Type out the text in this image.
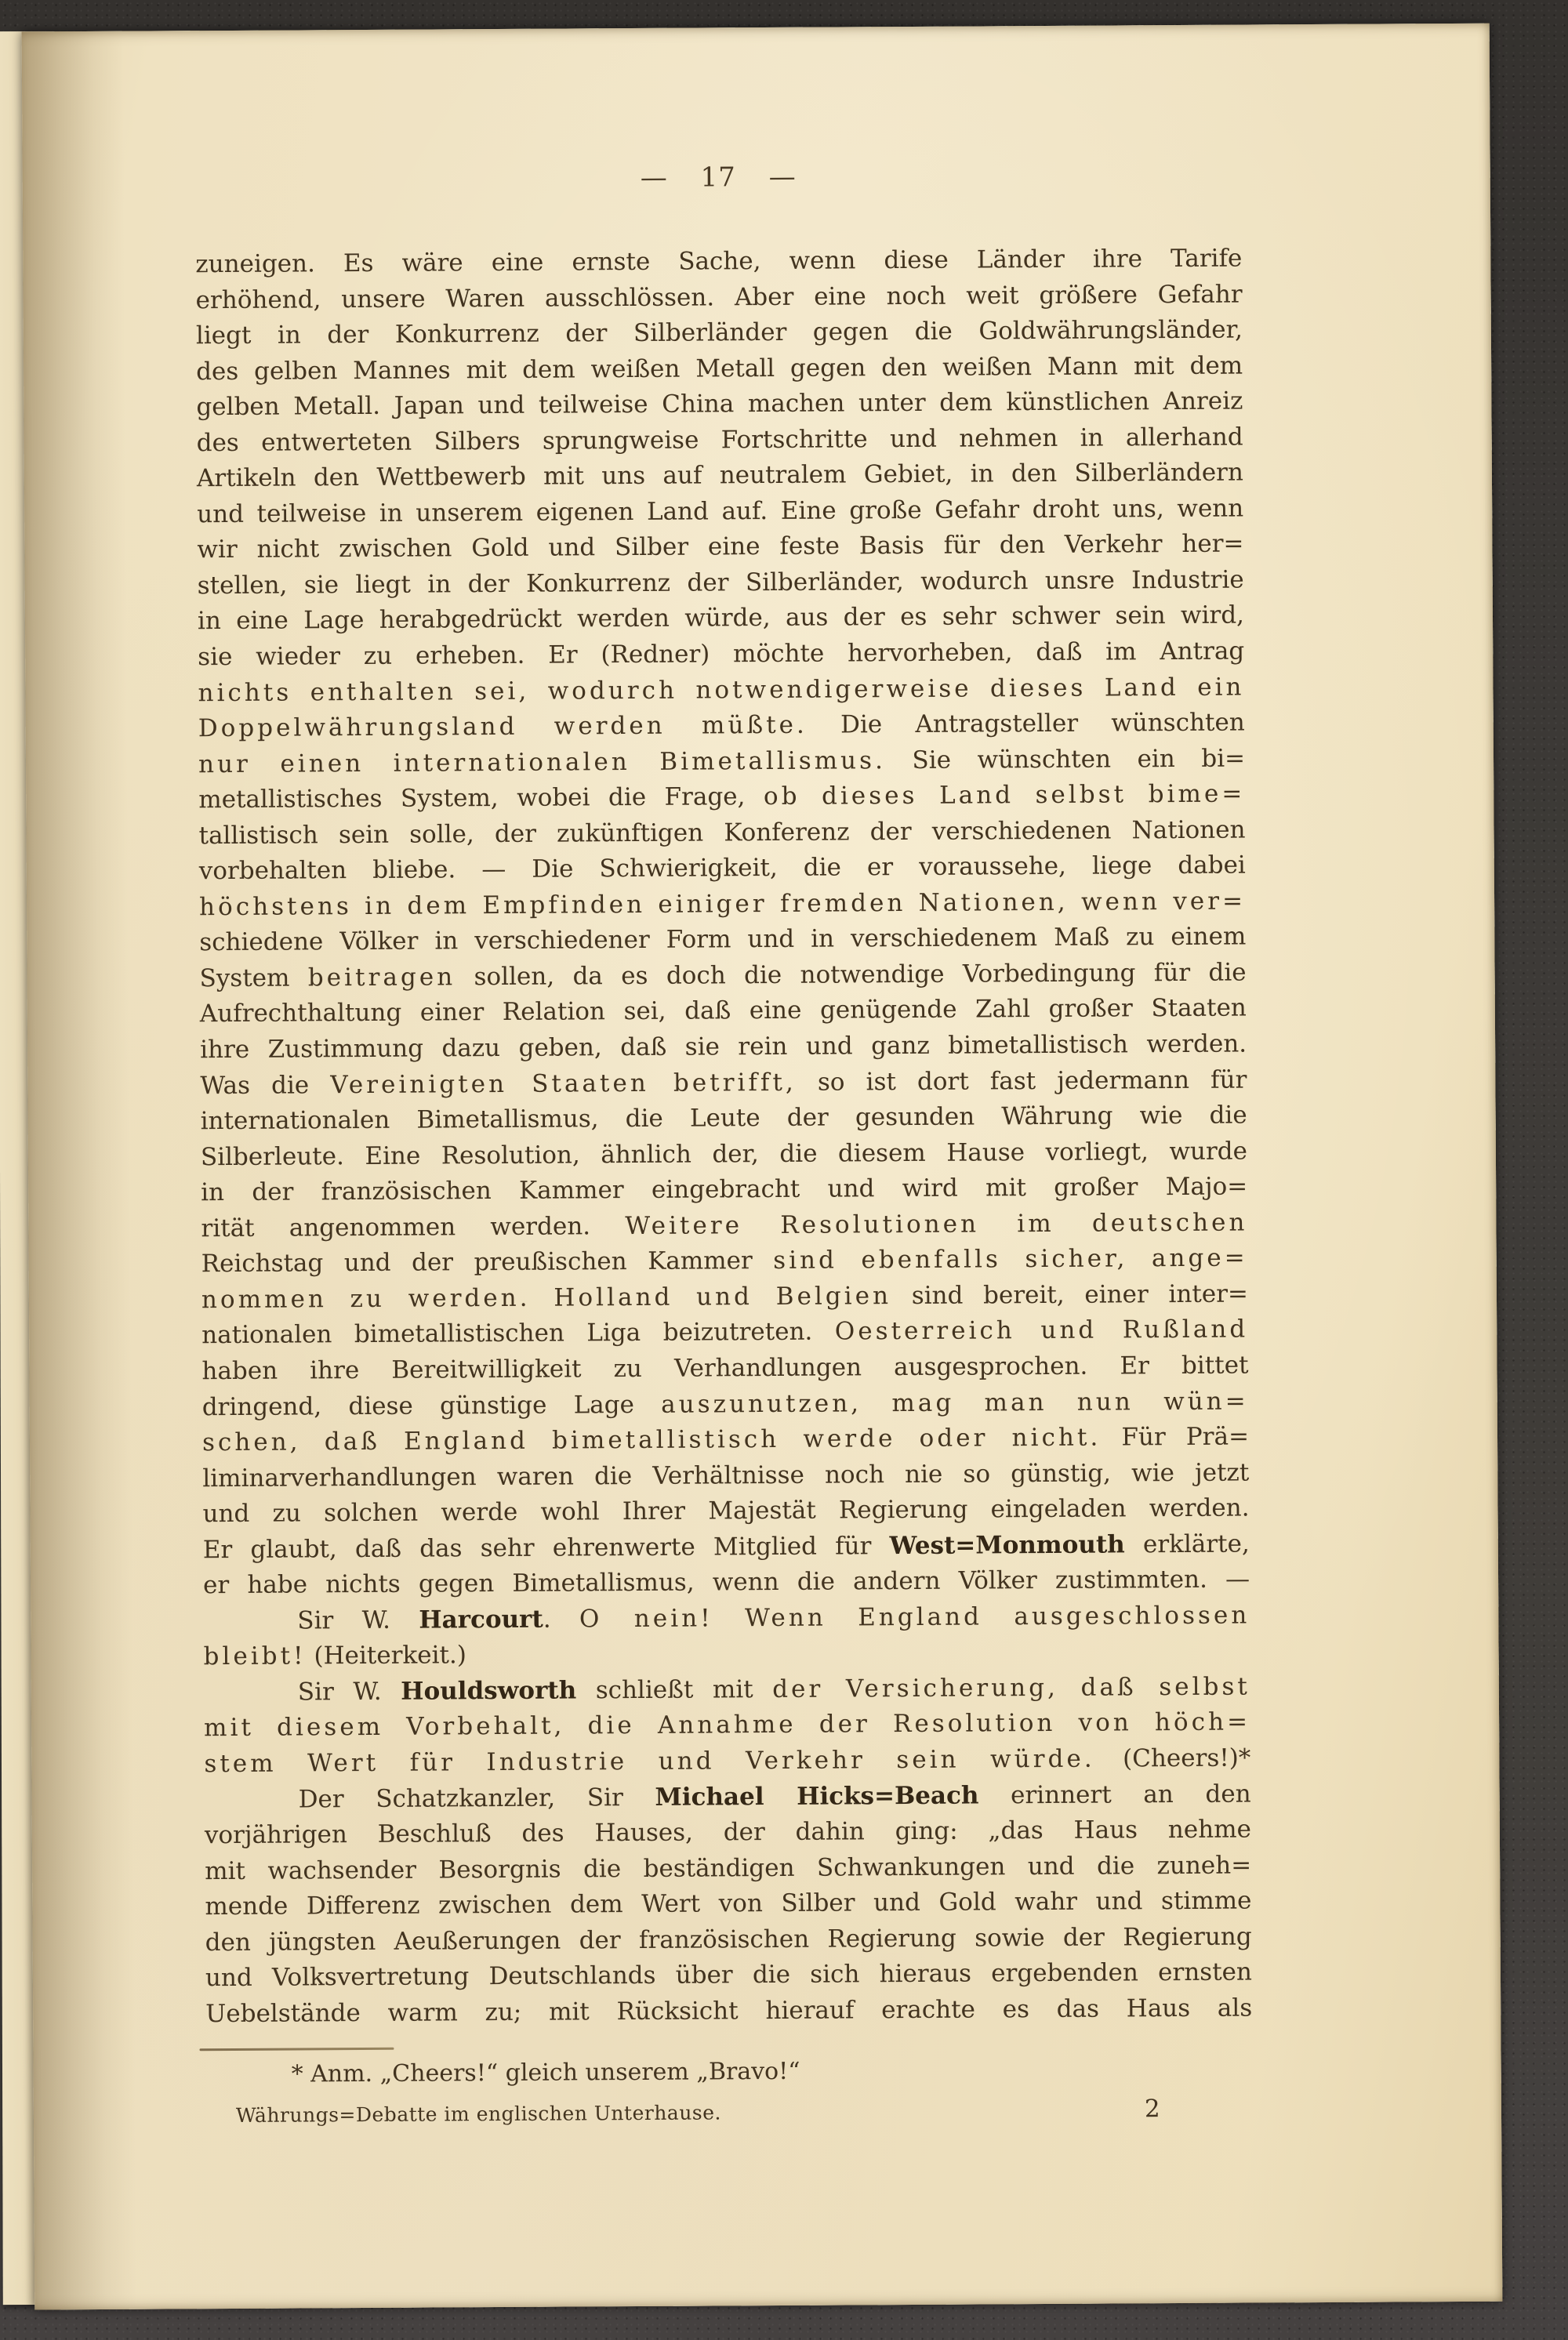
— 17 —
zuneigen. Es wäre eine ernste Sache, wenn diese Länder ihre Tarife
erhöhend, unsere Waren ausschlössen. Aber eine noch weit größere Gefahr
liegt in der Konkurrenz der Silberländer gegen die Goldwährungsländer,
des gelben Mannes mit dem weißen Metall gegen den weißen Mann mit dem
gelben Metall. Japan und teilweise China machen unter dem künstlichen Anreiz
des entwerteten Silbers sprungweise Fortschritte und nehmen in allerhand
Artikeln den Wettbewerb mit uns auf neutralem Gebiet, in den Silberländern
und teilweise in unserem eigenen Land auf. Eine große Gefahr droht uns, wenn
wir nicht zwischen Gold und Silber eine feste Basis für den Verkehr her=
stellen, sie liegt in der Konkurrenz der Silberländer, wodurch unsre Industrie
in eine Lage herabgedrückt werden würde, aus der es sehr schwer sein wird,
sie wieder zu erheben. Er (Redner) möchte hervorheben, daß im Antrag
nichts enthalten sei, wodurch notwendigerweise dieses Land ein
Doppelwährungsland werden müßte. Die Antragsteller wünschten
nur einen internationalen Bimetallismus. Sie wünschten ein bi=
metallistisches System, wobei die Frage, ob dieses Land selbst bime=
tallistisch sein solle, der zukünftigen Konferenz der verschiedenen Nationen
vorbehalten bliebe. — Die Schwierigkeit, die er voraussehe, liege dabei
höchstens in dem Empfinden einiger fremden Nationen, wenn ver=
schiedene Völker in verschiedener Form und in verschiedenem Maß zu einem
System beitragen sollen, da es doch die notwendige Vorbedingung für die
Aufrechthaltung einer Relation sei, daß eine genügende Zahl großer Staaten
ihre Zustimmung dazu geben, daß sie rein und ganz bimetallistisch werden.
Was die Vereinigten Staaten betrifft, so ist dort fast jedermann für
internationalen Bimetallismus, die Leute der gesunden Währung wie die
Silberleute. Eine Resolution, ähnlich der, die diesem Hause vorliegt, wurde
in der französischen Kammer eingebracht und wird mit großer Majo=
rität angenommen werden. Weitere Resolutionen im deutschen
Reichstag und der preußischen Kammer sind ebenfalls sicher, ange=
nommen zu werden. Holland und Belgien sind bereit, einer inter=
nationalen bimetallistischen Liga beizutreten. Oesterreich und Rußland
haben ihre Bereitwilligkeit zu Verhandlungen ausgesprochen. Er bittet
dringend, diese günstige Lage auszunutzen, mag man nun wün=
schen, daß England bimetallistisch werde oder nicht. Für Prä=
liminarverhandlungen waren die Verhältnisse noch nie so günstig, wie jetzt
und zu solchen werde wohl Ihrer Majestät Regierung eingeladen werden.
Er glaubt, daß das sehr ehrenwerte Mitglied für West=Monmouth erklärte,
er habe nichts gegen Bimetallismus, wenn die andern Völker zustimmten. —
Sir W. Harcourt. O nein! Wenn England ausgeschlossen
bleibt! (Heiterkeit.)
Sir W. Houldsworth schließt mit der Versicherung, daß selbst
mit diesem Vorbehalt, die Annahme der Resolution von höch=
stem Wert für Industrie und Verkehr sein würde. (Cheers!)*
Der Schatzkanzler, Sir Michael Hicks=Beach erinnert an den
vorjährigen Beschluß des Hauses, der dahin ging: „das Haus nehme
mit wachsender Besorgnis die beständigen Schwankungen und die zuneh=
mende Differenz zwischen dem Wert von Silber und Gold wahr und stimme
den jüngsten Aeußerungen der französischen Regierung sowie der Regierung
und Volksvertretung Deutschlands über die sich hieraus ergebenden ernsten
Uebelstände warm zu; mit Rücksicht hierauf erachte es das Haus als
* Anm. „Cheers!“ gleich unserem „Bravo!“
Währungs=Debatte im englischen Unterhause.	2
